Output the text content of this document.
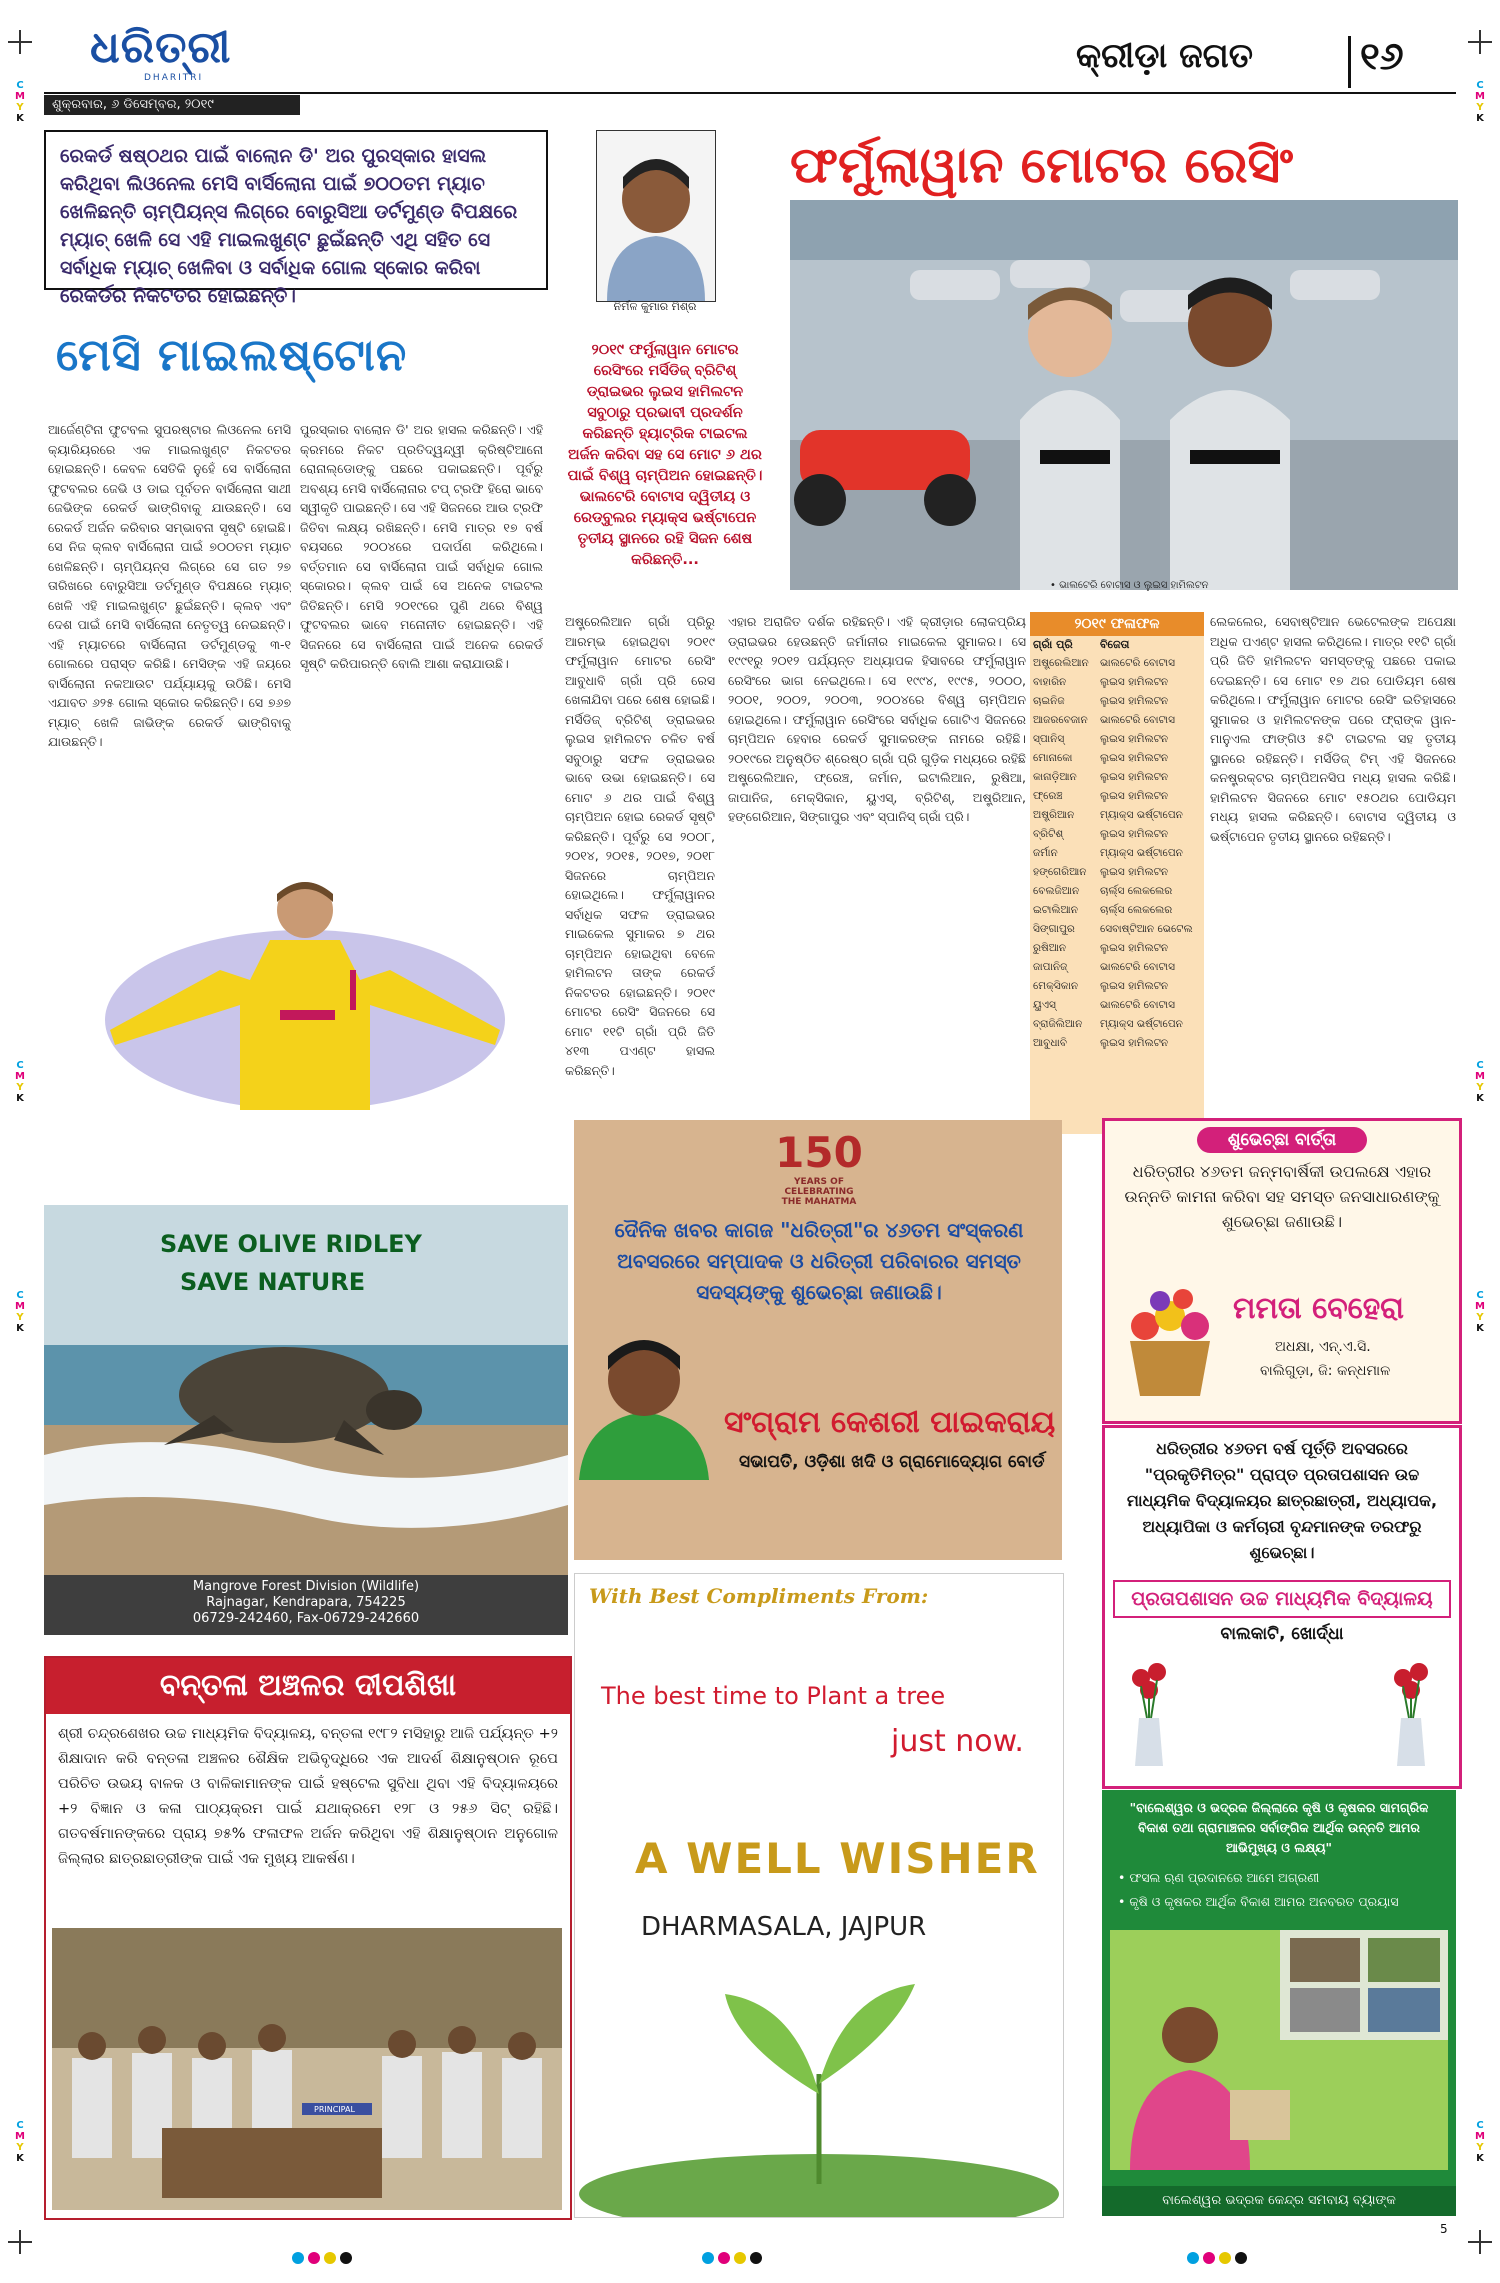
C
M
Y
K
C
M
Y
K
C
M
Y
K
C
M
Y
K
C
M
Y
K
C
M
Y
K
C
M
Y
K
C
M
Y
K
ଧରିତ୍ରୀ
DHARITRI
ଶୁକ୍ରବାର, ୬ ଡିସେମ୍ବର, ୨୦୧୯
କ୍ରୀଡ଼ା ଜଗତ	୧୬
ରେକର୍ଡ ଷଷ୍ଠଥର ପାଇଁ ବାଲୋନ ଡି' ଅର ପୁରସ୍କାର ହାସଲ କରିଥିବା ଲିଓନେଲ ମେସି ବାର୍ସିଲୋନା ପାଇଁ ୭୦୦ତମ ମ୍ୟାଚ ଖେଳିଛନ୍ତି ଚାମ୍ପିୟନ୍ସ ଲିଗ୍‌ରେ ବୋରୁସିଆ ଡର୍ଟମୁଣ୍ଡ ବିପକ୍ଷରେ ମ୍ୟାଚ୍ ଖେଳି ସେ ଏହି ମାଇଲଖୁଣ୍ଟ ଛୁଇଁଛନ୍ତି ଏଥି ସହିତ ସେ ସର୍ବାଧିକ ମ୍ୟାଚ୍ ଖେଳିବା ଓ ସର୍ବାଧିକ ଗୋଲ ସ୍କୋର କରିବା ରେକର୍ଡର ନିକଟତର ହୋଇଛନ୍ତି।
ମେସି ମାଇଲଷ୍ଟୋନ

ଆର୍ଜେଣ୍ଟିନା ଫୁଟବଲ ସୁପରଷ୍ଟାର ଲିଓନେଲ ମେସି କ୍ୟାରିୟରରେ ଏକ ମାଇଲଖୁଣ୍ଟ ନିକଟତର ହୋଇଛନ୍ତି। କେବଳ ସେତିକି ନୁହେଁ ସେ ବାର୍ସିଲୋନା ଫୁଟବଲର ଜେଭି ଓ ଡାଇ ପୂର୍ବତନ ବାର୍ସିଲୋନା ସାଥୀ ଜେଭିଙ୍କ ରେକର୍ଡ ଭାଙ୍ଗିବାକୁ ଯାଉଛନ୍ତି। ସେ ରେକର୍ଡ ଅର୍ଜନ କରିବାର ସମ୍ଭାବନା ସୃଷ୍ଟି ହୋଇଛି। ସେ ନିଜ କ୍ଲବ ବାର୍ସିଲୋନା ପାଇଁ ୭୦୦ତମ ମ୍ୟାଚ ଖେଳିଛନ୍ତି। ଚାମ୍ପିୟନ୍ସ ଲିଗ୍‌ରେ ସେ ଗତ ୨୭ ତାରିଖରେ ବୋରୁସିଆ ଡର୍ଟମୁଣ୍ଡ ବିପକ୍ଷରେ ମ୍ୟାଚ୍ ଖେଳି ଏହି ମାଇଲଖୁଣ୍ଟ ଛୁଇଁଛନ୍ତି। କ୍ଲବ ଏବଂ ଦେଶ ପାଇଁ ମେସି ବାର୍ସିଲୋନା ନେତୃତ୍ୱ ନେଇଛନ୍ତି। ଏହି ମ୍ୟାଚରେ ବାର୍ସିଲୋନା ଡର୍ଟମୁଣ୍ଡକୁ ୩-୧ ଗୋଲରେ ପରାସ୍ତ କରିଛି। ମେସିଙ୍କ ଏହି ଜୟରେ ବାର୍ସିଲୋନା ନକଆଉଟ ପର୍ଯ୍ୟାୟକୁ ଉଠିଛି। ମେସି ଏଯାବତ ୬୨୫ ଗୋଲ ସ୍କୋର କରିଛନ୍ତି। ସେ ୭୬୭ ମ୍ୟାଚ୍ ଖେଳି ଜାଭିଙ୍କ ରେକର୍ଡ ଭାଙ୍ଗିବାକୁ ଯାଉଛନ୍ତି।

ପୁରସ୍କାର ବାଲୋନ ଡି' ଅର ହାସଲ କରିଛନ୍ତି। ଏହି କ୍ରମରେ ନିକଟ ପ୍ରତିଦ୍ୱନ୍ଦ୍ୱୀ କ୍ରିଷ୍ଟିଆନୋ ରୋନାଲ୍ଡୋଙ୍କୁ ପଛରେ ପକାଇଛନ୍ତି। ପୂର୍ବରୁ ଅବଶ୍ୟ ମେସି ବାର୍ସିଲୋନାର ଟପ୍ ଟ୍ରଫି ହିରୋ ଭାବେ ସ୍ୱୀକୃତି ପାଇଛନ୍ତି। ସେ ଏହି ସିଜନରେ ଆଉ ଟ୍ରଫି ଜିତିବା ଲକ୍ଷ୍ୟ ରଖିଛନ୍ତି। ମେସି ମାତ୍ର ୧୭ ବର୍ଷ ବୟସରେ ୨୦୦୪ରେ ପଦାର୍ପଣ କରିଥିଲେ। ବର୍ତ୍ତମାନ ସେ ବାର୍ସିଲୋନା ପାଇଁ ସର୍ବାଧିକ ଗୋଲ ସ୍କୋରର। କ୍ଲବ ପାଇଁ ସେ ଅନେକ ଟାଇଟଲ ଜିତିଛନ୍ତି। ମେସି ୨୦୧୯ରେ ପୁଣି ଥରେ ବିଶ୍ୱ ଫୁଟବଲର ଭାବେ ମନୋନୀତ ହୋଇଛନ୍ତି। ଏହି ସିଜନରେ ସେ ବାର୍ସିଲୋନା ପାଇଁ ଅନେକ ରେକର୍ଡ ସୃଷ୍ଟି କରିପାରନ୍ତି ବୋଲି ଆଶା କରାଯାଉଛି।

ନିର୍ମଳ କୁମାର ମିଶ୍ର
୨୦୧୯ ଫର୍ମୁଲାୱାନ ମୋଟର ରେସିଂରେ ମର୍ସିଡିଜ୍ ବ୍ରିଟିଶ୍ ଡ୍ରାଇଭର ଲୁଇସ ହାମିଲଟନ ସବୁଠାରୁ ପ୍ରଭାବୀ ପ୍ରଦର୍ଶନ କରିଛନ୍ତି ହ୍ୟାଟ୍ରିକ ଟାଇଟଲ ଅର୍ଜନ କରିବା ସହ ସେ ମୋଟ ୬ ଥର ପାଇଁ ବିଶ୍ୱ ଚାମ୍ପିଅନ ହୋଇଛନ୍ତି। ଭାଲଟେରି ବୋଟାସ ଦ୍ୱିତୀୟ ଓ ରେଡ୍‌ବୁଲର ମ୍ୟାକ୍ସ ଭର୍ଷ୍ଟାପେନ ତୃତୀୟ ସ୍ଥାନରେ ରହି ସିଜନ ଶେଷ କରିଛନ୍ତି...
ଫର୍ମୁଲାୱାନ ମୋଟର ରେସିଂ
• ଭାଲଟେରି ବୋଟାସ ଓ ଲୁଇସ ହାମିଲଟନ

ଅଷ୍ଟ୍ରେଲିଆନ ଗ୍ରାଁ ପ୍ରିରୁ ଆରମ୍ଭ ହୋଇଥିବା ୨୦୧୯ ଫର୍ମୁଲାୱାନ ମୋଟର ରେସିଂ ଆବୁଧାବି ଗ୍ରାଁ ପ୍ରି ରେସ ଖେଳାଯିବା ପରେ ଶେଷ ହୋଇଛି। ମର୍ସିଡିଜ୍ ବ୍ରିଟିଶ୍ ଡ୍ରାଇଭର ଲୁଇସ ହାମିଲଟନ ଚଳିତ ବର୍ଷ ସବୁଠାରୁ ସଫଳ ଡ୍ରାଇଭର ଭାବେ ଉଭା ହୋଇଛନ୍ତି। ସେ ମୋଟ ୬ ଥର ପାଇଁ ବିଶ୍ୱ ଚାମ୍ପିଅନ ହୋଇ ରେକର୍ଡ ସୃଷ୍ଟି କରିଛନ୍ତି। ପୂର୍ବରୁ ସେ ୨୦୦୮, ୨୦୧୪, ୨୦୧୫, ୨୦୧୭, ୨୦୧୮ ସିଜନରେ ଚାମ୍ପିଅନ ହୋଇଥିଲେ। ଫର୍ମୁଲାୱାନର ସର୍ବାଧିକ ସଫଳ ଡ୍ରାଇଭର ମାଇକେଲ ସୁମାକର ୭ ଥର ଚାମ୍ପିଅନ ହୋଇଥିବା ବେଳେ ହାମିଲଟନ ତାଙ୍କ ରେକର୍ଡ ନିକଟତର ହୋଇଛନ୍ତି। ୨୦୧୯ ମୋଟର ରେସିଂ ସିଜନରେ ସେ ମୋଟ ୧୧ଟି ଗ୍ରାଁ ପ୍ରି ଜିତି ୪୧୩ ପଏଣ୍ଟ ହାସଲ କରିଛନ୍ତି।

ଏହାର ଅରାଜିତ ଦର୍ଶକ ରହିଛନ୍ତି। ଏହି କ୍ରୀଡ଼ାର ଲୋକପ୍ରିୟ ଡ୍ରାଇଭର ହେଉଛନ୍ତି ଜର୍ମାନୀର ମାଇକେଲ ସୁମାକର। ସେ ୧୯୯୧ରୁ ୨୦୧୨ ପର୍ଯ୍ୟନ୍ତ ଅଧ୍ୟାପକ ହିସାବରେ ଫର୍ମୁଲାୱାନ ରେସିଂରେ ଭାଗ ନେଇଥିଲେ। ସେ ୧୯୯୪, ୧୯୯୫, ୨୦୦୦, ୨୦୦୧, ୨୦୦୨, ୨୦୦୩, ୨୦୦୪ରେ ବିଶ୍ୱ ଚାମ୍ପିଅନ ହୋଇଥିଲେ। ଫର୍ମୁଲାୱାନ ରେସିଂରେ ସର୍ବାଧିକ ଗୋଟିଏ ସିଜନରେ ଚାମ୍ପିଅନ ହେବାର ରେକର୍ଡ ସୁମାକରଙ୍କ ନାମରେ ରହିଛି। ୨୦୧୯ରେ ଅନୁଷ୍ଠିତ ଶ୍ରେଷ୍ଠ ଗ୍ରାଁ ପ୍ରି ଗୁଡ଼ିକ ମଧ୍ୟରେ ରହିଛି ଅଷ୍ଟ୍ରେଲିଆନ, ଫ୍ରେଞ୍ଚ, ଜର୍ମାନ, ଇଟାଲିଆନ, ରୁଷିଆ, ଜାପାନିଜ, ମେକ୍ସିକାନ, ୟୁଏସ୍, ବ୍ରିଟିଶ୍, ଅଷ୍ଟ୍ରିଆନ, ହଙ୍ଗେରିଆନ, ସିଙ୍ଗାପୁର ଏବଂ ସ୍ପାନିସ୍ ଗ୍ରାଁ ପ୍ରି।

୨୦୧୯ ଫଳାଫଳ
ଗ୍ରାଁ ପ୍ରି	ବିଜେତା
ଅଷ୍ଟ୍ରେଲିଆନ	ଭାଲଟେରି ବୋଟାସ
ବାହାରିନ	ଲୁଇସ ହାମିଲଟନ
ଚାଇନିଜ	ଲୁଇସ ହାମିଲଟନ
ଆଜରବେଜାନ	ଭାଲଟେରି ବୋଟାସ
ସ୍ପାନିସ୍	ଲୁଇସ ହାମିଲଟନ
ମୋନାକୋ	ଲୁଇସ ହାମିଲଟନ
କାନାଡ଼ିଆନ	ଲୁଇସ ହାମିଲଟନ
ଫ୍ରେଞ୍ଚ	ଲୁଇସ ହାମିଲଟନ
ଅଷ୍ଟ୍ରିଆନ	ମ୍ୟାକ୍ସ ଭର୍ଷ୍ଟାପେନ
ବ୍ରିଟିଶ୍	ଲୁଇସ ହାମିଲଟନ
ଜର୍ମାନ	ମ୍ୟାକ୍ସ ଭର୍ଷ୍ଟାପେନ
ହଙ୍ଗେରିଆନ	ଲୁଇସ ହାମିଲଟନ
ବେଲଜିଆନ	ଚାର୍ଲ୍ସ ଲେକଲେର
ଇଟାଲିଆନ	ଚାର୍ଲ୍ସ ଲେକଲେର
ସିଙ୍ଗାପୁର	ସେବାଷ୍ଟିଆନ ଭେଟେଲ
ରୁଷିଆନ	ଲୁଇସ ହାମିଲଟନ
ଜାପାନିଜ୍	ଭାଲଟେରି ବୋଟାସ
ମେକ୍ସିକାନ	ଲୁଇସ ହାମିଲଟନ
ୟୁଏସ୍	ଭାଲଟେରି ବୋଟାସ
ବ୍ରାଜିଲିଆନ	ମ୍ୟାକ୍ସ ଭର୍ଷ୍ଟାପେନ
ଆବୁଧାବି	ଲୁଇସ ହାମିଲଟନ

ଲେକଲେର, ସେବାଷ୍ଟିଆନ ଭେଟେଲଙ୍କ ଅପେକ୍ଷା ଅଧିକ ପଏଣ୍ଟ ହାସଲ କରିଥିଲେ। ମାତ୍ର ୧୧ଟି ଗ୍ରାଁ ପ୍ରି ଜିତି ହାମିଲଟନ ସମସ୍ତଙ୍କୁ ପଛରେ ପକାଇ ଦେଇଛନ୍ତି। ସେ ମୋଟ ୧୭ ଥର ପୋଡିୟମ ଶେଷ କରିଥିଲେ। ଫର୍ମୁଲାୱାନ ମୋଟର ରେସିଂ ଇତିହାସରେ ସୁମାକର ଓ ହାମିଲଟନଙ୍କ ପରେ ଫ୍ରାଙ୍କ ୱାନ-ମାନୁଏଲ ଫାଙ୍ଗିଓ ୫ଟି ଟାଇଟଲ ସହ ତୃତୀୟ ସ୍ଥାନରେ ରହିଛନ୍ତି। ମର୍ସିଡିଜ୍ ଟିମ୍ ଏହି ସିଜନରେ କନଷ୍ଟ୍ରକ୍ଟର ଚାମ୍ପିଅନସିପ ମଧ୍ୟ ହାସଲ କରିଛି। ହାମିଲଟନ ସିଜନରେ ମୋଟ ୧୫୦ଥର ପୋଡିୟମ ମଧ୍ୟ ହାସଲ କରିଛନ୍ତି। ବୋଟାସ ଦ୍ୱିତୀୟ ଓ ଭର୍ଷ୍ଟାପେନ ତୃତୀୟ ସ୍ଥାନରେ ରହିଛନ୍ତି।

SAVE OLIVE RIDLEY
SAVE NATURE
Mangrove Forest Division (Wildlife)
Rajnagar, Kendrapara, 754225
06729-242460, Fax-06729-242660
150
YEARS OF
CELEBRATING
THE MAHATMA
ଦୈନିକ ଖବର କାଗଜ "ଧରିତ୍ରୀ"ର ୪୬ତମ ସଂସ୍କରଣ ଅବସରରେ ସମ୍ପାଦକ ଓ ଧରିତ୍ରୀ ପରିବାରର ସମସ୍ତ ସଦସ୍ୟଙ୍କୁ ଶୁଭେଚ୍ଛା ଜଣାଉଛି।
ସଂଗ୍ରାମ କେଶରୀ ପାଇକରାୟ
ସଭାପତି, ଓଡ଼ିଶା ଖଦି ଓ ଗ୍ରାମୋଦ୍ୟୋଗ ବୋର୍ଡ
ଶୁଭେଚ୍ଛା ବାର୍ତ୍ତା
ଧରିତ୍ରୀର ୪୬ତମ ଜନ୍ମବାର୍ଷିକୀ ଉପଲକ୍ଷେ ଏହାର ଉନ୍ନତି କାମନା କରିବା ସହ ସମସ୍ତ ଜନସାଧାରଣଙ୍କୁ ଶୁଭେଚ୍ଛା ଜଣାଉଛି।
ମମତା ବେହେରା
ଅଧକ୍ଷା, ଏନ୍.ଏ.ସି.
ବାଲିଗୁଡ଼ା, ଜି: କନ୍ଧମାଳ
ଧରିତ୍ରୀର ୪୬ତମ ବର୍ଷ ପୂର୍ତ୍ତି ଅବସରରେ "ପ୍ରକୃତିମିତ୍ର" ପ୍ରାପ୍ତ ପ୍ରତାପଶାସନ ଉଚ୍ଚ ମାଧ୍ୟମିକ ବିଦ୍ୟାଳୟର ଛାତ୍ରଛାତ୍ରୀ, ଅଧ୍ୟାପକ, ଅଧ୍ୟାପିକା ଓ କର୍ମଚାରୀ ବୃନ୍ଦମାନଙ୍କ ତରଫରୁ ଶୁଭେଚ୍ଛା।
ପ୍ରତାପଶାସନ ଉଚ୍ଚ ମାଧ୍ୟମିକ ବିଦ୍ୟାଳୟ
ବାଲକାଟି, ଖୋର୍ଦ୍ଧା
ବନ୍ତଳା ଅଞ୍ଚଳର ଦୀପଶିଖା
ଶ୍ରୀ ଚନ୍ଦ୍ରଶେଖର ଉଚ୍ଚ ମାଧ୍ୟମିକ ବିଦ୍ୟାଳୟ, ବନ୍ତଳା ୧୯୮୨ ମସିହାରୁ ଆଜି ପର୍ଯ୍ୟନ୍ତ +୨ ଶିକ୍ଷାଦାନ କରି ବନ୍ତଳା ଅଞ୍ଚଳର ଶୈକ୍ଷିକ ଅଭିବୃଦ୍ଧିରେ ଏକ ଆଦର୍ଶ ଶିକ୍ଷାନୁଷ୍ଠାନ ରୂପେ ପରିଚିତ ଉଭୟ ବାଳକ ଓ ବାଳିକାମାନଙ୍କ ପାଇଁ ହଷ୍ଟେଲ ସୁବିଧା ଥିବା ଏହି ବିଦ୍ୟାଳୟରେ +୨ ବିଜ୍ଞାନ ଓ କଳା ପାଠ୍ୟକ୍ରମ ପାଇଁ ଯଥାକ୍ରମେ ୧୨୮ ଓ ୨୫୬ ସିଟ୍ ରହିଛି। ଗତବର୍ଷମାନଙ୍କରେ ପ୍ରାୟ ୭୫% ଫଳାଫଳ ଅର୍ଜନ କରିଥିବା ଏହି ଶିକ୍ଷାନୁଷ୍ଠାନ ଅନୁଗୋଳ ଜିଲ୍ଲାର ଛାତ୍ରଛାତ୍ରୀଙ୍କ ପାଇଁ ଏକ ମୁଖ୍ୟ ଆକର୍ଷଣ।
PRINCIPAL
With Best Compliments From:
The best time to Plant a tree
just now.
A WELL WISHER
DHARMASALA, JAJPUR
"ବାଲେଶ୍ୱର ଓ ଭଦ୍ରକ ଜିଲ୍ଲାରେ କୃଷି ଓ କୃଷକର ସାମଗ୍ରିକ ବିକାଶ ତଥା ଗ୍ରାମାଞ୍ଚଳର ସର୍ବାଙ୍ଗିକ ଆର୍ଥିକ ଉନ୍ନତି ଆମର ଆଭିମୁଖ୍ୟ ଓ ଲକ୍ଷ୍ୟ"
• ଫସଲ ଋଣ ପ୍ରଦାନରେ ଆମେ ଅଗ୍ରଣୀ
• କୃଷି ଓ କୃଷକର ଆର୍ଥିକ ବିକାଶ ଆମର ଅନବରତ ପ୍ରୟାସ
ବାଲେଶ୍ୱର ଭଦ୍ରକ କେନ୍ଦ୍ର ସମବାୟ ବ୍ୟାଙ୍କ
5
